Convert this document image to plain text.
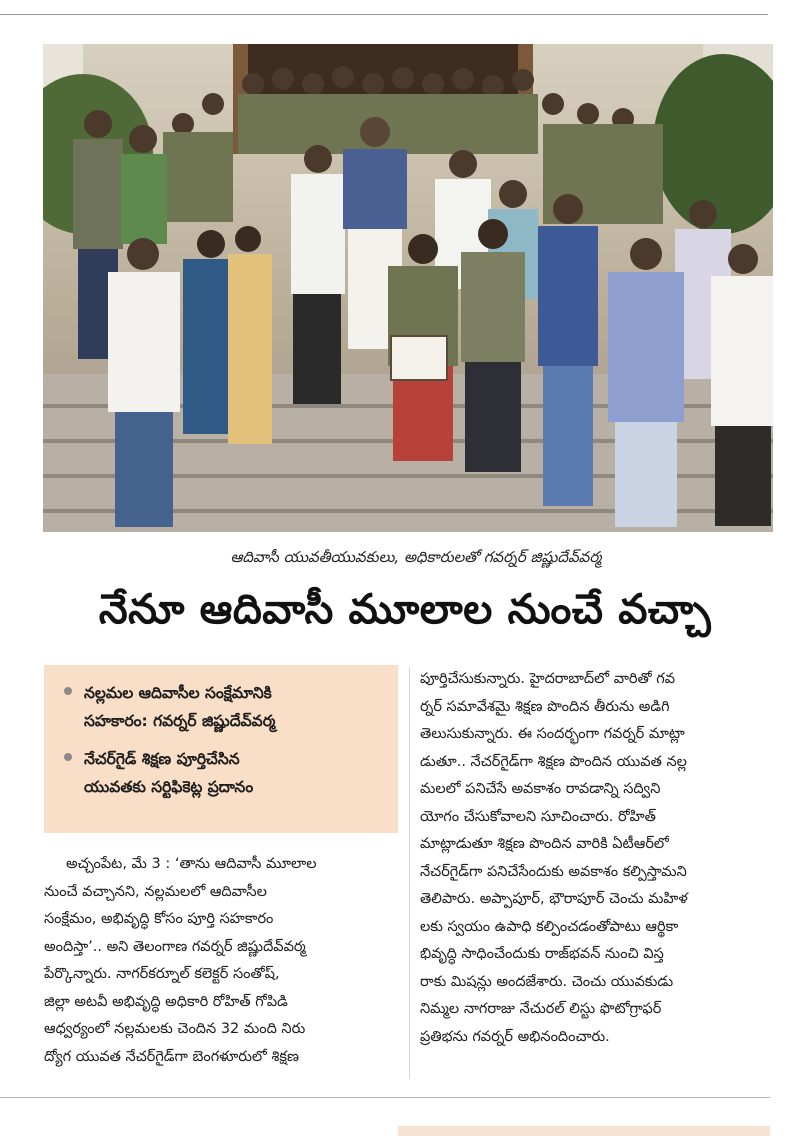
ఆదివాసీ యువతీయువకులు, అధికారులతో గవర్నర్ జిష్ణుదేవ్‌వర్మ
నేనూ ఆదివాసీ మూలాల నుంచే వచ్చా
నల్లమల ఆదివాసీల సంక్షేమానికి
సహకారం: గవర్నర్ జిష్ణుదేవ్‌వర్మ
నేచర్‌గైడ్ శిక్షణ పూర్తిచేసిన
యువతకు సర్టిఫికెట్ల ప్రదానం

అచ్చంపేట, మే 3 : ‘తాను ఆదివాసీ మూలాల

నుంచే వచ్చానని, నల్లమలలో ఆదివాసీల

సంక్షేమం, అభివృద్ధి కోసం పూర్తి సహకారం

అందిస్తా’.. అని తెలంగాణ గవర్నర్ జిష్ణుదేవ్‌వర్మ

పేర్కొన్నారు. నాగర్‌కర్నూల్ కలెక్టర్ సంతోష్,

జిల్లా అటవీ అభివృద్ధి అధికారి రోహిత్ గోపిడి

ఆధ్వర్యంలో నల్లమలకు చెందిన 32 మంది నిరు

ద్యోగ యువత నేచర్‌గైడ్‌గా బెంగళూరులో శిక్షణ

పూర్తిచేసుకున్నారు. హైదరాబాద్‌లో వారితో గవ

ర్నర్ సమావేశమై శిక్షణ పొందిన తీరును అడిగి

తెలుసుకున్నారు. ఈ సందర్భంగా గవర్నర్ మాట్లా

డుతూ.. నేచర్‌గైడ్‌గా శిక్షణ పొందిన యువత నల్ల

మలలో పనిచేసే అవకాశం రావడాన్ని సద్విని

యోగం చేసుకోవాలని సూచించారు. రోహిత్

మాట్లాడుతూ శిక్షణ పొందిన వారికి ఏటీఆర్‌లో

నేచర్‌గైడ్‌గా పనిచేసేందుకు అవకాశం కల్పిస్తామని

తెలిపారు. అప్పాపూర్, భౌరాపూర్ చెంచు మహిళ

లకు స్వయం ఉపాధి కల్పించడంతోపాటు ఆర్థికా

భివృద్ధి సాధించేందుకు రాజ్‌భవన్ నుంచి విస్త

రాకు మిషన్లు అందజేశారు. చెంచు యువకుడు

నిమ్మల నాగరాజు నేచురల్ లిస్టు ఫొటోగ్రాఫర్

ప్రతిభను గవర్నర్ అభినందించారు.
